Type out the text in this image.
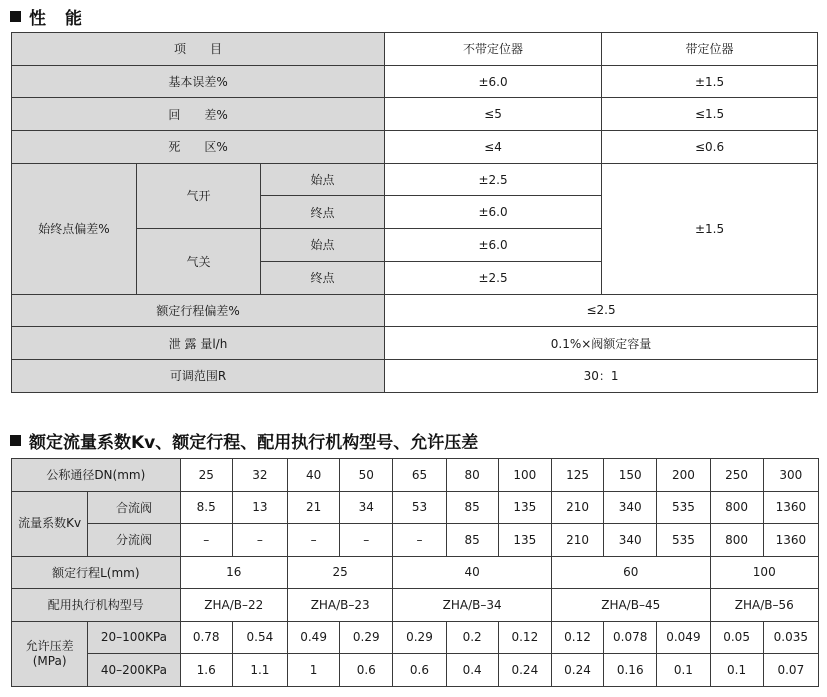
性　能
项　　目			不带定位器	带定位器
基本误差%			±6.0	±1.5
回　　差%			≤5	≤1.5
死　　区%			≤4	≤0.6
始终点偏差%	气开	始点	±2.5	±1.5
		终点	±6.0	
	气关	始点	±6.0	
		终点	±2.5	
额定行程偏差%			≤2.5	
泄 露 量l/h			0.1%×阀额定容量	
可调范围R			30：1	
额定流量系数Kv、额定行程、配用执行机构型号、允许压差
公称通径DN(mm)		25	32	40	50	65	80	100	125	150	200	250	300
流量系数Kv	合流阀	8.5	13	21	34	53	85	135	210	340	535	800	1360
	分流阀	–	–	–	–	–	85	135	210	340	535	800	1360
额定行程L(mm)		16		25		40			60			100	
配用执行机构型号		ZHA/B–22		ZHA/B–23		ZHA/B–34			ZHA/B–45			ZHA/B–56	
允许压差(MPa)	20–100KPa	0.78	0.54	0.49	0.29	0.29	0.2	0.12	0.12	0.078	0.049	0.05	0.035
	40–200KPa	1.6	1.1	1	0.6	0.6	0.4	0.24	0.24	0.16	0.1	0.1	0.07
